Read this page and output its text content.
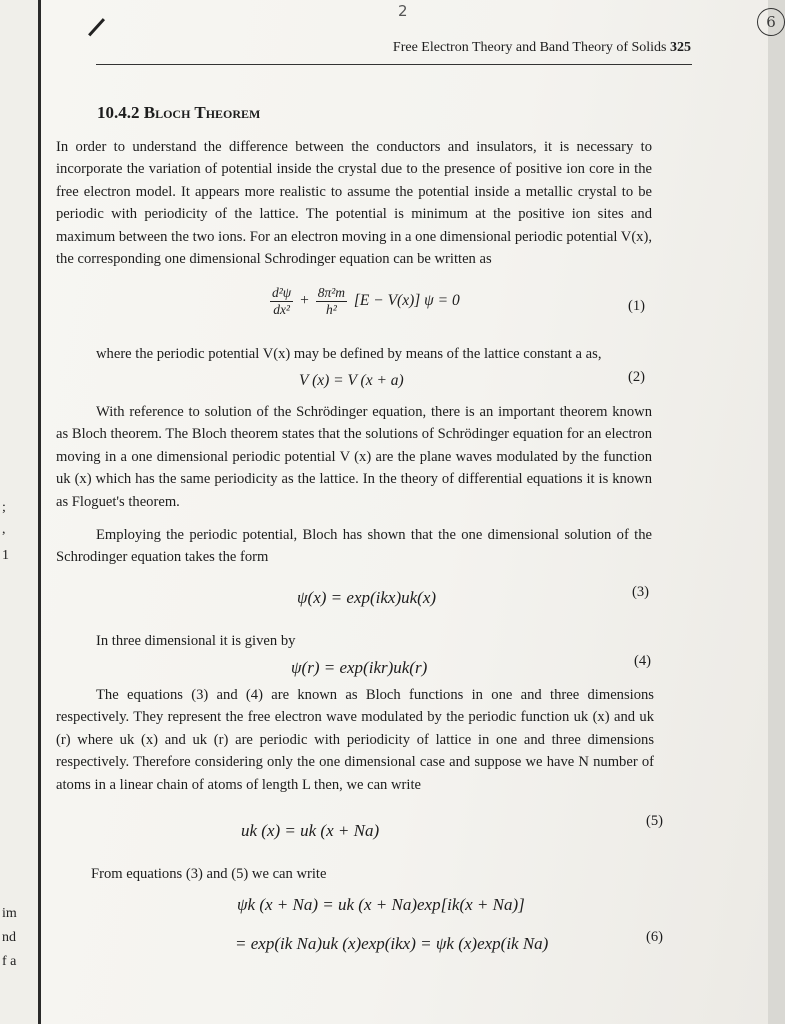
;
,
1
im
nd
f a
2
6
Free Electron Theory and Band Theory of Solids 325
10.4.2 Bloch Theorem
In order to understand the difference between the conductors and insulators, it is necessary to incorporate the variation of potential inside the crystal due to the presence of positive ion core in the free electron model. It appears more realistic to assume the potential inside a metallic crystal to be periodic with periodicity of the lattice. The potential is minimum at the positive ion sites and maximum between the two ions. For an electron moving in a one dimensional periodic potential V(x), the corresponding one dimensional Schrodinger equation can be written as
$\frac{\text{d²ψ}}{\text{dx²}} + \frac{\text{8π²m}}{\text{h²}} [E - V(x)] \psi = 0$	(1)
where the periodic potential V(x) may be defined by means of the lattice constant a as,
V (x) = V (x + a)	(2)
With reference to solution of the Schrödinger equation, there is an important theorem known as Bloch theorem. The Bloch theorem states that the solutions of Schrödinger equation for an electron moving in a one dimensional periodic potential V (x) are the plane waves modulated by the function uk (x) which has the same periodicity as the lattice. In the theory of differential equations it is known as Floguet's theorem.
Employing the periodic potential, Bloch has shown that the one dimensional solution of the Schrodinger equation takes the form
ψ(x) = exp(ikx)uk(x)	(3)
In three dimensional it is given by
ψ(r) = exp(ikr)uk(r)	(4)
The equations (3) and (4) are known as Bloch functions in one and three dimensions respectively. They represent the free electron wave modulated by the periodic function uk (x) and uk (r) where uk (x) and uk (r) are periodic with periodicity of lattice in one and three dimensions respectively. Therefore considering only the one dimensional case and suppose we have N number of atoms in a linear chain of atoms of length L then, we can write
uk (x) = uk (x + Na)	(5)
From equations (3) and (5) we can write
ψk (x + Na) = uk (x + Na)exp[ik(x + Na)]
= exp(ik Na)uk (x)exp(ikx) = ψk (x)exp(ik Na)	(6)
